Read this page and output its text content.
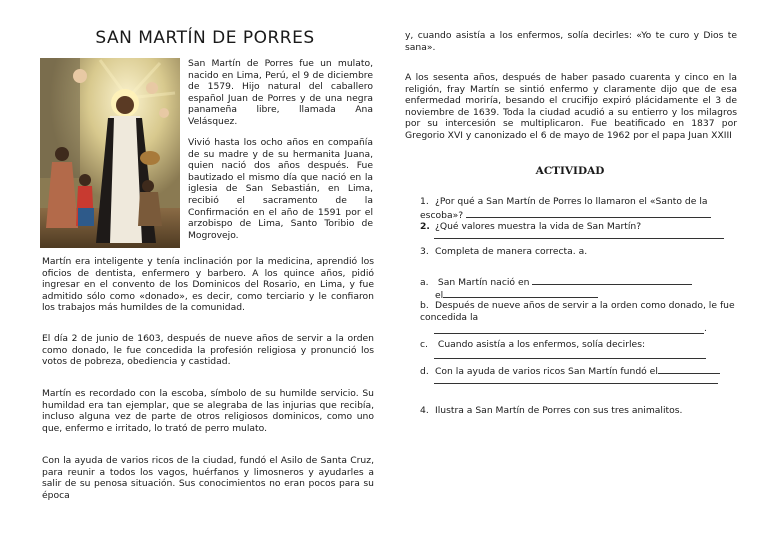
SAN MARTÍN DE PORRES

San Martín de Porres fue un mulato, nacido en Lima, Perú, el 9 de diciembre de 1579. Hijo natural del caballero español Juan de Porres y de una negra panameña libre, llamada Ana Velásquez.

Vivió hasta los ocho años en compañía de su madre y de su hermanita Juana, quien nació dos años después. Fue bautizado el mismo día que nació en la iglesia de San Sebastián, en Lima, recibió el sacramento de la Confirmación en el año de 1591 por el arzobispo de Lima, Santo Toribio de Mogrovejo.

Martín era inteligente y tenía inclinación por la medicina, aprendió los oficios de dentista, enfermero y barbero. A los quince años, pidió ingresar en el convento de los Dominicos del Rosario, en Lima, y fue admitido sólo como «donado», es decir, como terciario y le confiaron los trabajos más humildes de la comunidad.

El día 2 de junio de 1603, después de nueve años de servir a la orden como donado, le fue concedida la profesión religiosa y pronunció los votos de pobreza, obediencia y castidad.

Martín es recordado con la escoba, símbolo de su humilde servicio. Su humildad era tan ejemplar, que se alegraba de las injurias que recibía, incluso alguna vez de parte de otros religiosos dominicos, como uno que, enfermo e irritado, lo trató de perro mulato.

Con la ayuda de varios ricos de la ciudad, fundó el Asilo de Santa Cruz, para reunir a todos los vagos, huérfanos y limosneros y ayudarles a salir de su penosa situación. Sus conocimientos no eran pocos para su época

y, cuando asistía a los enfermos, solía decirles: «Yo te curo y Dios te sana».

A los sesenta años, después de haber pasado cuarenta y cinco en la religión, fray Martín se sintió enfermo y claramente dijo que de esa enfermedad moriría, besando el crucifijo expiró plácidamente el 3 de noviembre de 1639. Toda la ciudad acudió a su entierro y los milagros por su intercesión se multiplicaron. Fue beatificado en 1837 por Gregorio XVI y canonizado el 6 de mayo de 1962 por el papa Juan XXIII

ACTIVIDAD
1. ¿Por qué a San Martín de Porres lo llamaron el «Santo de la escoba»?
2. ¿Qué valores muestra la vida de San Martín?
3. Completa de manera correcta. a.
a. San Martín nació en
el
b. Después de nueve años de servir a la orden como donado, le fue concedida la
.
c. Cuando asistía a los enfermos, solía decirles:
d. Con la ayuda de varios ricos San Martín fundó el
4. Ilustra a San Martín de Porres con sus tres animalitos.
